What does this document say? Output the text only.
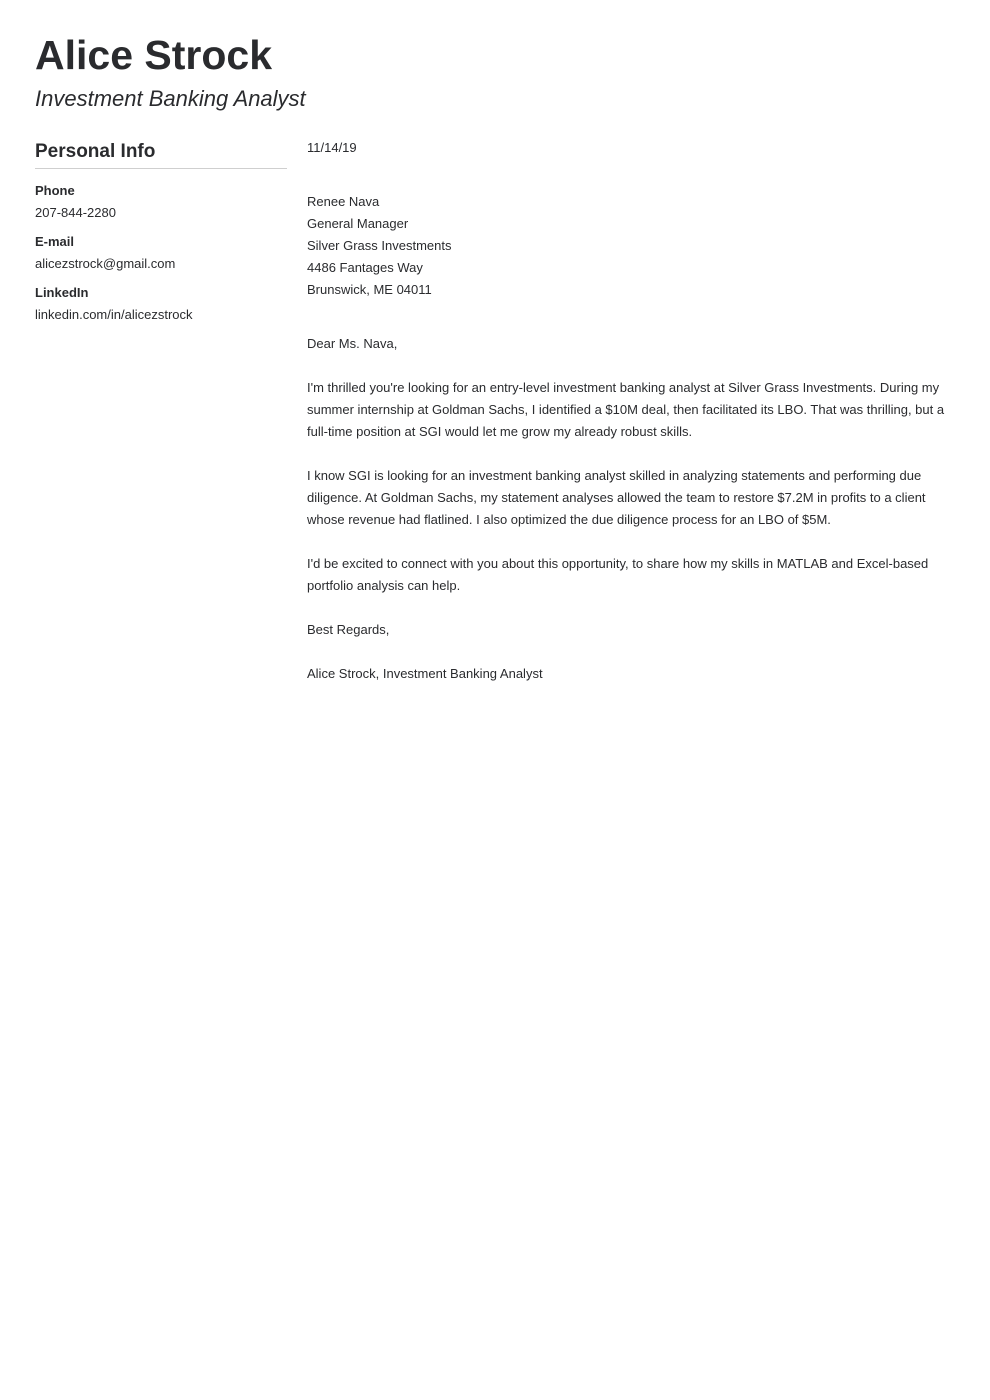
Alice Strock
Investment Banking Analyst
Personal Info
Phone
207-844-2280
E-mail
alicezstrock@gmail.com
LinkedIn
linkedin.com/in/alicezstrock

11/14/19

Renee Nava
General Manager
Silver Grass Investments
4486 Fantages Way
Brunswick, ME 04011

Dear Ms. Nava,

I'm thrilled you're looking for an entry-level investment banking analyst at Silver Grass Investments. During my summer internship at Goldman Sachs, I identified a $10M deal, then facilitated its LBO. That was thrilling, but a full-time position at SGI would let me grow my already robust skills.

I know SGI is looking for an investment banking analyst skilled in analyzing statements and performing due diligence. At Goldman Sachs, my statement analyses allowed the team to restore $7.2M in profits to a client whose revenue had flatlined. I also optimized the due diligence process for an LBO of $5M.

I'd be excited to connect with you about this opportunity, to share how my skills in MATLAB and Excel-based portfolio analysis can help.

Best Regards,

Alice Strock, Investment Banking Analyst
